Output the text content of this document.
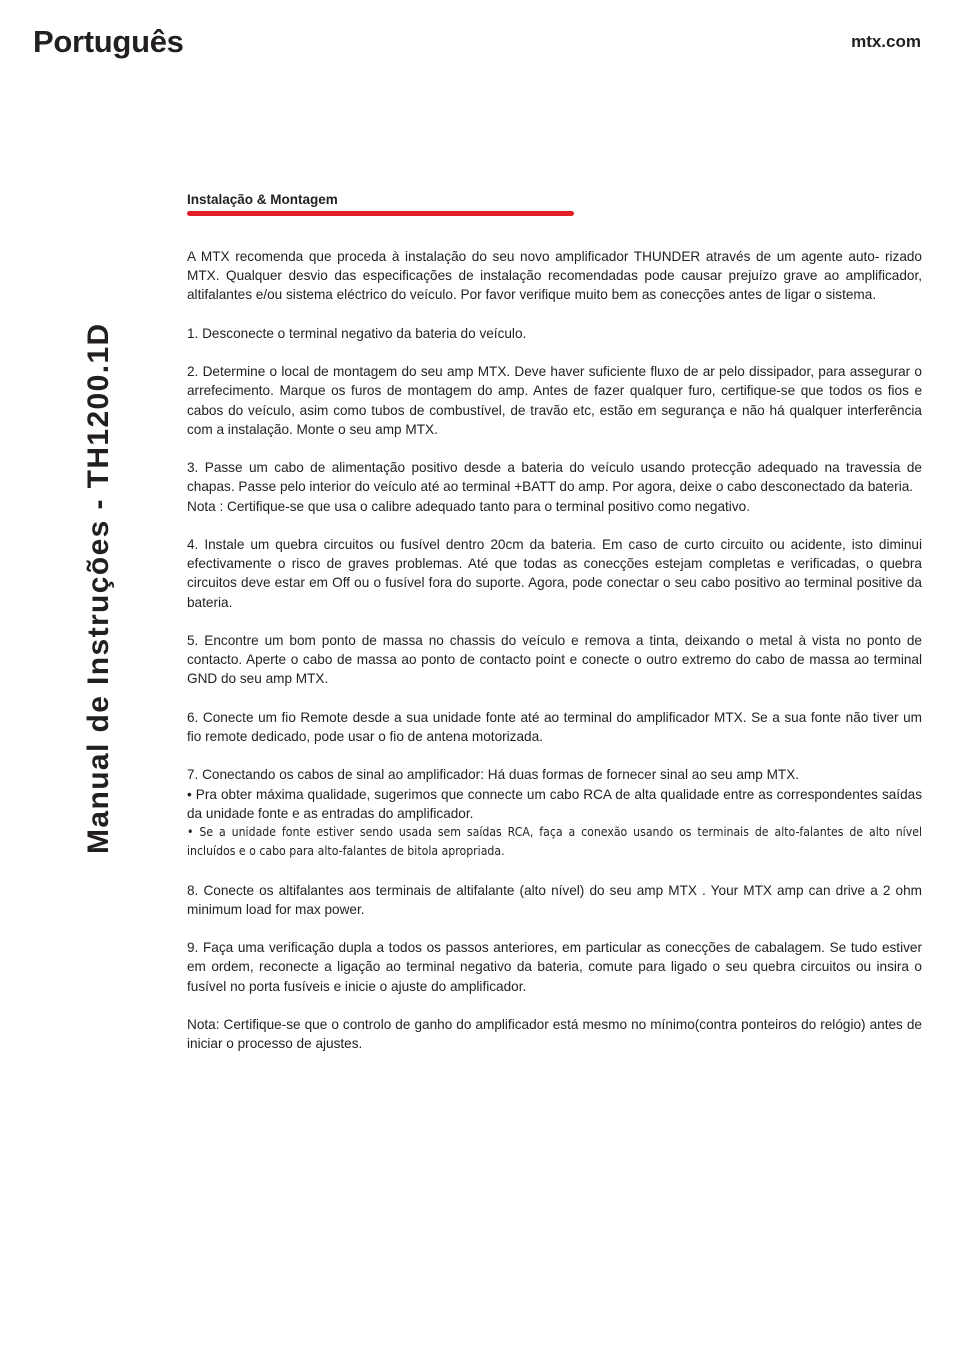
Português	mtx.com
Manual de Instruções - TH1200.1D
Instalação & Montagem

A MTX recomenda que proceda à instalação do seu novo amplificador THUNDER através de um agente auto- rizado MTX. Qualquer desvio das especificações de instalação recomendadas pode causar prejuízo grave ao amplificador, altifalantes e/ou sistema eléctrico do veículo. Por favor verifique muito bem as conecções antes de ligar o sistema.

1. Desconecte o terminal negativo da bateria do veículo.

2. Determine o local de montagem do seu amp MTX. Deve haver suficiente fluxo de ar pelo dissipador, para assegurar o arrefecimento. Marque os furos de montagem do amp. Antes de fazer qualquer furo, certifique-se que todos os fios e cabos do veículo, asim como tubos de combustível, de travão etc, estão em segurança e não há qualquer interferência com a instalação. Monte o seu amp MTX.

3. Passe um cabo de alimentação positivo desde a bateria do veículo usando protecção adequado na travessia de chapas. Passe pelo interior do veículo até ao terminal +BATT do amp. Por agora, deixe o cabo desconectado da bateria.

Nota : Certifique-se que usa o calibre adequado tanto para o terminal positivo como negativo.

4. Instale um quebra circuitos ou fusível dentro 20cm da bateria. Em caso de curto circuito ou acidente, isto diminui efectivamente o risco de graves problemas. Até que todas as conecções estejam completas e verificadas, o quebra circuitos deve estar em Off ou o fusível fora do suporte. Agora, pode conectar o seu cabo positivo ao terminal positive da bateria.

5. Encontre um bom ponto de massa no chassis do veículo e remova a tinta, deixando o metal à vista no ponto de contacto. Aperte o cabo de massa ao ponto de contacto point e conecte o outro extremo do cabo de massa ao terminal GND do seu amp MTX.

6. Conecte um fio Remote desde a sua unidade fonte até ao terminal do amplificador MTX. Se a sua fonte não tiver um fio remote dedicado, pode usar o fio de antena motorizada.

7. Conectando os cabos de sinal ao amplificador: Há duas formas de fornecer sinal ao seu amp MTX.

• Pra obter máxima qualidade, sugerimos que connecte um cabo RCA de alta qualidade entre as correspondentes saídas da unidade fonte e as entradas do amplificador.

• Se a unidade fonte estiver sendo usada sem saídas RCA, faça a conexão usando os terminais de alto-falantes de alto nível incluídos e o cabo para alto-falantes de bitola apropriada.

8. Conecte os altifalantes aos terminais de altifalante (alto nível) do seu amp MTX . Your MTX amp can drive a 2 ohm minimum load for max power.

9. Faça uma verificação dupla a todos os passos anteriores, em particular as conecções de cabalagem. Se tudo estiver em ordem, reconecte a ligação ao terminal negativo da bateria, comute para ligado o seu quebra circuitos ou insira o fusível no porta fusíveis e inicie o ajuste do amplificador.

Nota: Certifique-se que o controlo de ganho do amplificador está mesmo no mínimo(contra ponteiros do relógio) antes de iniciar o processo de ajustes.
